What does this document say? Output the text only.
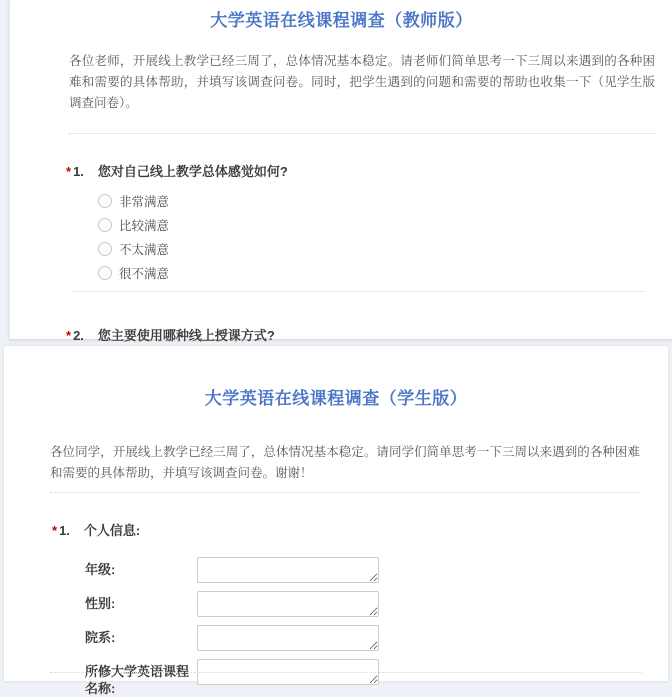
大学英语在线课程调查（教师版）
各位老师，开展线上教学已经三周了，总体情况基本稳定。请老师们简单思考一下三周以来遇到的各种困难和需要的具体帮助，并填写该调查问卷。同时，把学生遇到的问题和需要的帮助也收集一下（见学生版调查问卷）。
* 1. 您对自己线上教学总体感觉如何?
非常满意
比较满意
不太满意
很不满意
* 2. 您主要使用哪种线上授课方式?
大学英语在线课程调查（学生版）
各位同学，开展线上教学已经三周了，总体情况基本稳定。请同学们简单思考一下三周以来遇到的各种困难和需要的具体帮助，并填写该调查问卷。谢谢！
* 1. 个人信息:
年级:
性别:
院系:
所修大学英语课程名称:
